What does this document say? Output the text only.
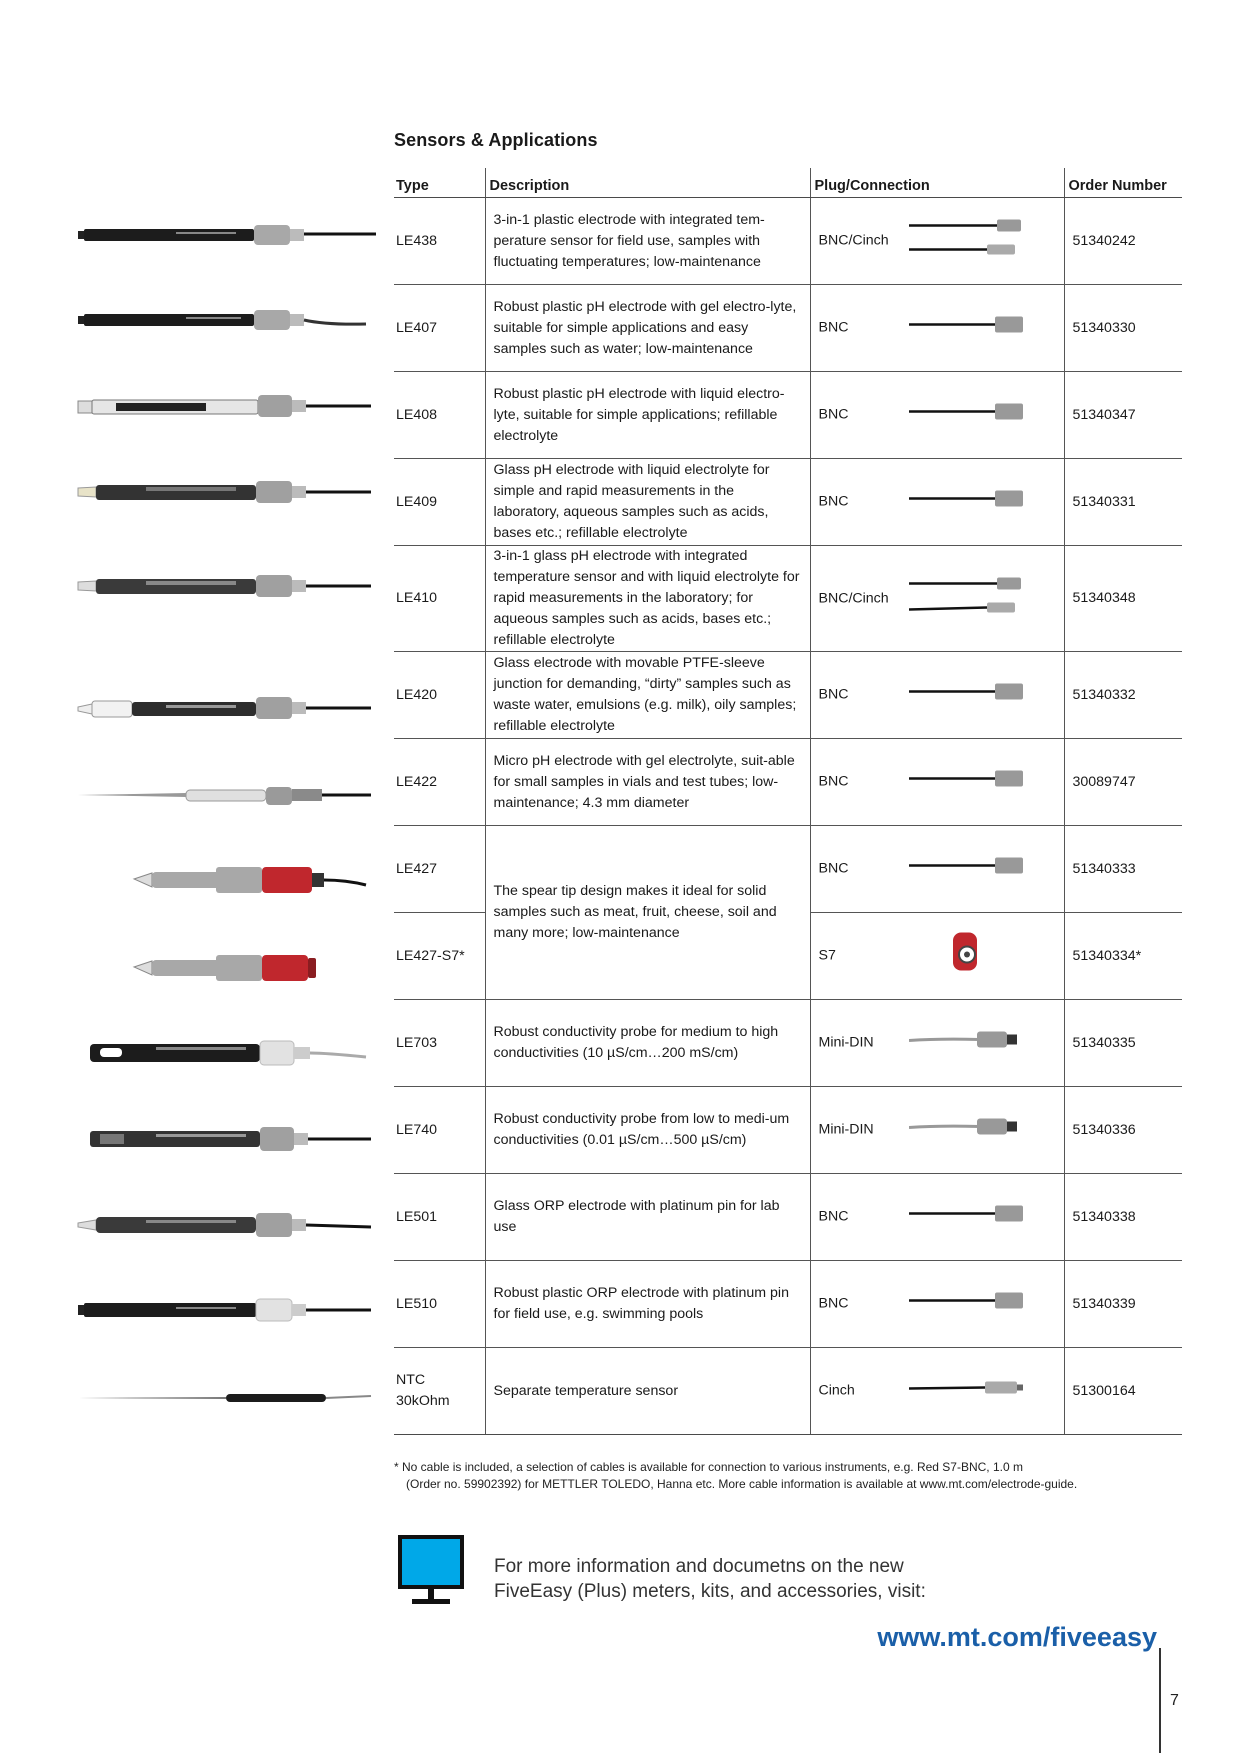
Sensors & Applications
Type	Description	Plug/Connection	Order Number
LE438	3-in-1 plastic electrode with integrated tem-perature sensor for field use, samples with fluctuating temperatures; low-maintenance	BNC/Cinch	51340242
LE407	Robust plastic pH electrode with gel electro-lyte, suitable for simple applications and easy samples such as water; low-maintenance	BNC	51340330
LE408	Robust plastic pH electrode with liquid electro-lyte, suitable for simple applications; refillable electrolyte	BNC	51340347
LE409	Glass pH electrode with liquid electrolyte for simple and rapid measurements in the laboratory, aqueous samples such as acids, bases etc.; refillable electrolyte	BNC	51340331
LE410	3-in-1 glass pH electrode with integrated temperature sensor and with liquid electrolyte for rapid measurements in the laboratory; for aqueous samples such as acids, bases etc.; refillable electrolyte	BNC/Cinch	51340348
LE420	Glass electrode with movable PTFE-sleeve junction for demanding, “dirty” samples such as waste water, emulsions (e.g. milk), oily samples; refillable electrolyte	BNC	51340332
LE422	Micro pH electrode with gel electrolyte, suit-able for small samples in vials and test tubes; low-maintenance; 4.3 mm diameter	BNC	30089747
LE427	The spear tip design makes it ideal for solid samples such as meat, fruit, cheese, soil and many more; low-maintenance	BNC	51340333
LE427-S7*		S7	51340334*
LE703	Robust conductivity probe for medium to high conductivities (10 µS/cm…200 mS/cm)	Mini-DIN	51340335
LE740	Robust conductivity probe from low to medi-um conductivities (0.01 µS/cm…500 µS/cm)	Mini-DIN	51340336
LE501	Glass ORP electrode with platinum pin for lab use	BNC	51340338
LE510	Robust plastic ORP electrode with platinum pin for field use, e.g. swimming pools	BNC	51340339
NTC 30kOhm	Separate temperature sensor	Cinch	51300164
* No cable is included, a selection of cables is available for connection to various instruments, e.g. Red S7-BNC, 1.0 m
(Order no. 59902392) for METTLER TOLEDO, Hanna etc. More cable information is available at www.mt.com/electrode-guide.
For more information and documetns on the new
FiveEasy (Plus) meters, kits, and accessories, visit:
www.mt.com/fiveeasy
7
